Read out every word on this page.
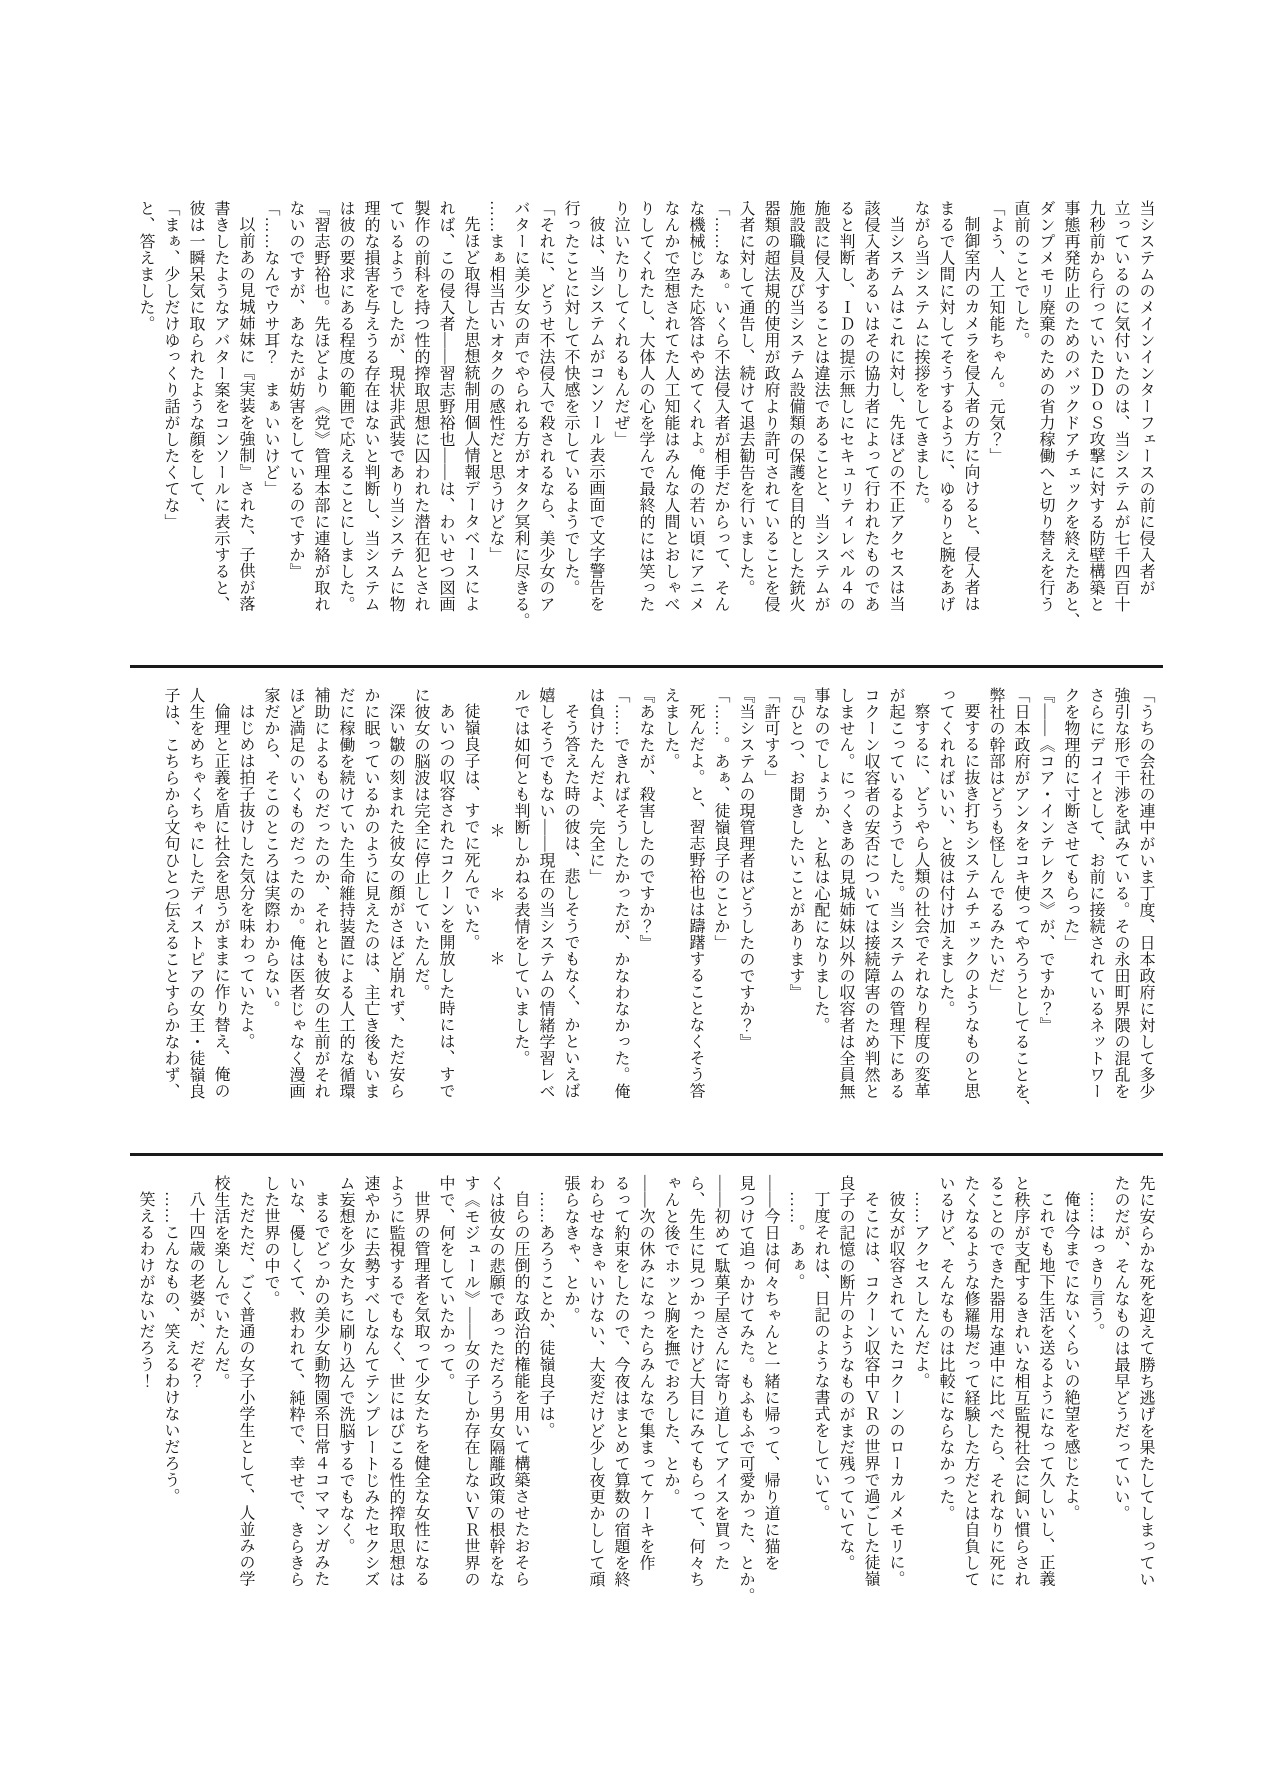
当システムのメインインターフェースの前に侵入者が

立っているのに気付いたのは、当システムが七千四百十

九秒前から行っていたＤＤｏＳ攻撃に対する防壁構築と

事態再発防止のためのバックドアチェックを終えたあと、

ダンプメモリ廃棄のための省力稼働へと切り替えを行う

直前のことでした。

「よう、人工知能ちゃん。元気？」

制御室内のカメラを侵入者の方に向けると、侵入者は

まるで人間に対してそうするように、ゆるりと腕をあげ

ながら当システムに挨拶をしてきました。

当システムはこれに対し、先ほどの不正アクセスは当

該侵入者あるいはその協力者によって行われたものであ

ると判断し、ＩＤの提示無しにセキュリティレベル４の

施設に侵入することは違法であることと、当システムが

施設職員及び当システム設備類の保護を目的とした銃火

器類の超法規的使用が政府より許可されていることを侵

入者に対して通告し、続けて退去勧告を行いました。

「……なぁ。いくら不法侵入者が相手だからって、そん

な機械じみた応答はやめてくれよ。俺の若い頃にアニメ

なんかで空想されてた人工知能はみんな人間とおしゃべ

りしてくれたし、大体人の心を学んで最終的には笑った

り泣いたりしてくれるもんだぜ」

彼は、当システムがコンソール表示画面で文字警告を

行ったことに対して不快感を示しているようでした。

「それに、どうせ不法侵入で殺されるなら、美少女のア

バターに美少女の声でやられる方がオタク冥利に尽きる。

……まぁ相当古いオタクの感性だと思うけどな」

先ほど取得した思想統制用個人情報データベースによ

れば、この侵入者――習志野裕也――は、わいせつ図画

製作の前科を持つ性的搾取思想に囚われた潜在犯とされ

ているようでしたが、現状非武装であり当システムに物

理的な損害を与えうる存在はないと判断し、当システム

は彼の要求にある程度の範囲で応えることにしました。

『習志野裕也。先ほどより《党》管理本部に連絡が取れ

ないのですが、あなたが妨害をしているのですか』

「……なんでウサ耳？　まぁいいけど」

以前あの見城姉妹に『実装を強制』された、子供が落

書きしたようなアバター案をコンソールに表示すると、

彼は一瞬呆気に取られたような顔をして、

「まぁ、少しだけゆっくり話がしたくてな」

と、答えました。

「うちの会社の連中がいま丁度、日本政府に対して多少

強引な形で干渉を試みている。その永田町界隈の混乱を

さらにデコイとして、お前に接続されているネットワー

クを物理的に寸断させてもらった」

『――《コア・インテレクス》が、ですか？』

「日本政府がアンタをコキ使ってやろうとしてることを、

弊社の幹部はどうも怪しんでるみたいだ」

要するに抜き打ちシステムチェックのようなものと思

ってくれればいい、と彼は付け加えました。

察するに、どうやら人類の社会でそれなり程度の変革

が起こっているようでした。当システムの管理下にある

コクーン収容者の安否については接続障害のため判然と

しません。にっくきあの見城姉妹以外の収容者は全員無

事なのでしょうか、と私は心配になりました。

『ひとつ、お聞きしたいことがあります』

「許可する」

『当システムの現管理者はどうしたのですか？』

「……。あぁ、徒嶺良子のことか」

死んだよ。と、習志野裕也は躊躇することなくそう答

えました。

『あなたが、殺害したのですか？』

「……できればそうしたかったが、かなわなかった。俺

は負けたんだよ、完全に」

そう答えた時の彼は、悲しそうでもなく、かといえば

嬉しそうでもない――現在の当システムの情緒学習レベ

ルでは如何とも判断しかねる表情をしていました。

＊　　　＊　　　＊

徒嶺良子は、すでに死んでいた。

あいつの収容されたコクーンを開放した時には、すで

に彼女の脳波は完全に停止していたんだ。

深い皺の刻まれた彼女の顔がさほど崩れず、ただ安ら

かに眠っているかのように見えたのは、主亡き後もいま

だに稼働を続けていた生命維持装置による人工的な循環

補助によるものだったのか、それとも彼女の生前がそれ

ほど満足のいくものだったのか。俺は医者じゃなく漫画

家だから、そこのところは実際わからない。

はじめは拍子抜けした気分を味わっていたよ。

倫理と正義を盾に社会を思うがままに作り替え、俺の

人生をめちゃくちゃにしたディストピアの女王・徒嶺良

子は、こちらから文句ひとつ伝えることすらかなわず、

先に安らかな死を迎えて勝ち逃げを果たしてしまってい

たのだが、そんなものは最早どうだっていい。

……はっきり言う。

俺は今までにないくらいの絶望を感じたよ。

これでも地下生活を送るようになって久しいし、正義

と秩序が支配するきれいな相互監視社会に飼い慣らされ

ることのできた器用な連中に比べたら、それなりに死に

たくなるような修羅場だって経験した方だとは自負して

いるけど、そんなものは比較にならなかった。

……アクセスしたんだよ。

彼女が収容されていたコクーンのローカルメモリに。

そこには、コクーン収容中ＶＲの世界で過ごした徒嶺

良子の記憶の断片のようなものがまだ残っていてな。

丁度それは、日記のような書式をしていて。

……。あぁ。

――今日は何々ちゃんと一緒に帰って、帰り道に猫を

見つけて追っかけてみた。もふもふで可愛かった、とか。

――初めて駄菓子屋さんに寄り道してアイスを買った

ら、先生に見つかったけど大目にみてもらって、何々ち

ゃんと後でホッと胸を撫でおろした、とか。

――次の休みになったらみんなで集まってケーキを作

るって約束をしたので、今夜はまとめて算数の宿題を終

わらせなきゃいけない、大変だけど少し夜更かしして頑

張らなきゃ、とか。

……あろうことか、徒嶺良子は。

自らの圧倒的な政治的権能を用いて構築させたおそら

くは彼女の悲願であっただろう男女隔離政策の根幹をな

す《モジュール》――女の子しか存在しないＶＲ世界の

中で、何をしていたかって。

世界の管理者を気取って少女たちを健全な女性になる

ように監視するでもなく、世にはびこる性的搾取思想は

速やかに去勢すべしなんてテンプレートじみたセクシズ

ム妄想を少女たちに刷り込んで洗脳するでもなく。

まるでどっかの美少女動物園系日常４コママンガみた

いな、優しくて、救われて、純粋で、幸せで、きらきら

した世界の中で。

ただただ、ごく普通の女子小学生として、人並みの学

校生活を楽しんでいたんだ。

八十四歳の老婆が、だぞ？

……こんなもの、笑えるわけないだろう。

笑えるわけがないだろう！
